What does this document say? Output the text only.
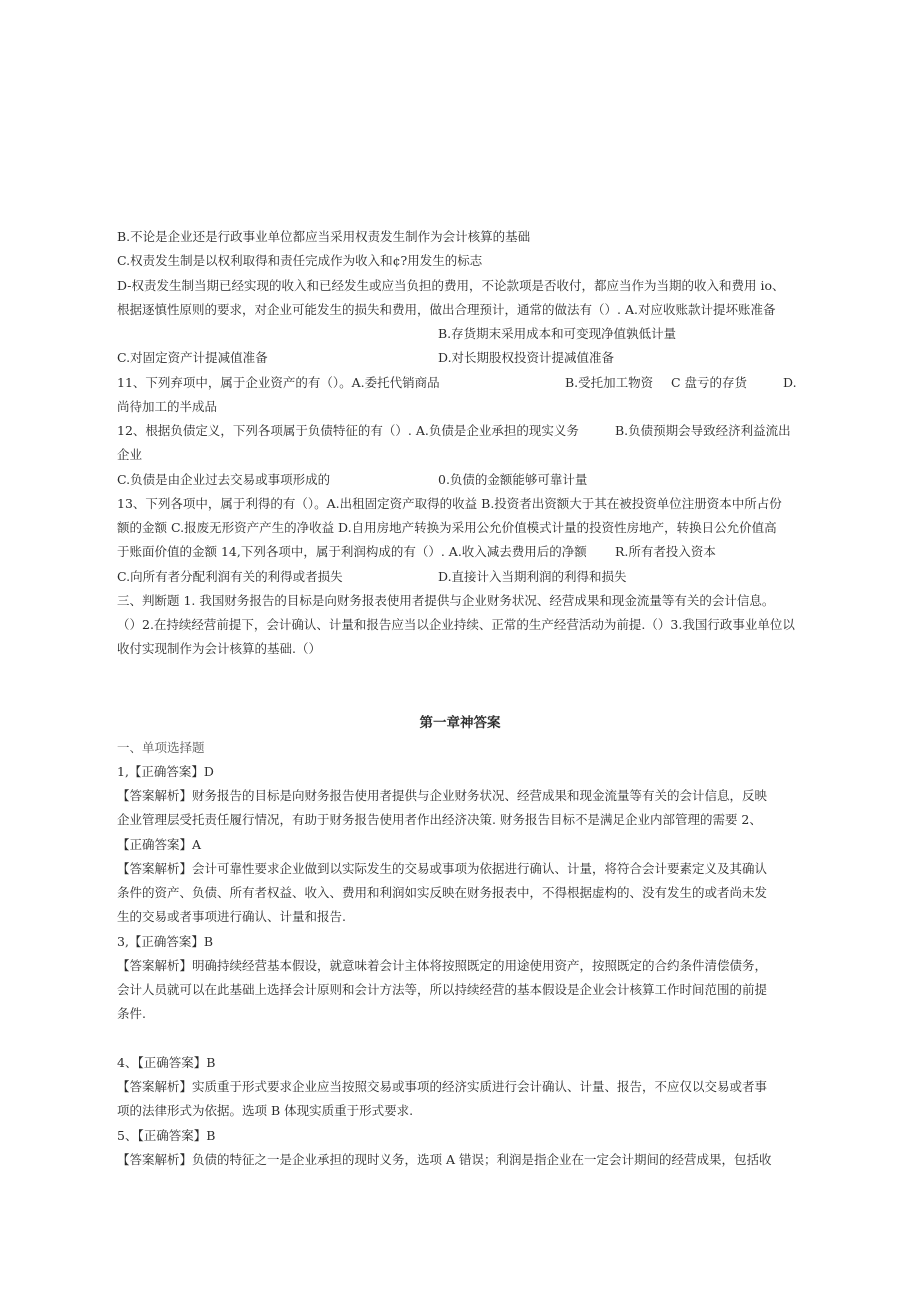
B.不论是企业还是行政事业单位都应当采用权责发生制作为会计核算的基础
C.权责发生制是以权利取得和责任完成作为收入和¢?用发生的标志
D-权责发生制当期已经实现的收入和已经发生或应当负担的费用，不论款项是否收付，都应当作为当期的收入和费用 io、
根据逐慎性原则的要求，对企业可能发生的损失和费用，做出合理预计，通常的做法有（）. A.对应收账款计提坏账准备
B.存货期末采用成本和可变现净值孰低计量
C.对固定资产计提减值准备	D.对长期股权投资计提减值准备
11、下列弃项中，属于企业资产的有（）。A.委托代销商品	B.受托加工物资 C 盘亏的存货	D.
尚待加工的半成品
12、根据负债定义，下列各项属于负债特征的有（）. A.负债是企业承担的现实义务	B.负债预期会导致经济利益流出
企业
C.负债是由企业过去交易或事项形成的	0.负债的金额能够可靠计量
13、下列各项中，属于利得的有（）。A.出租固定资产取得的收益 B.投资者出资额大于其在被投资单位注册资本中所占份
额的金额 C.报废无形资产产生的净收益 D.自用房地产转换为采用公允价值模式计量的投资性房地产，转换日公允价值高
于账面价值的金额 14,下列各项中，属于利润构成的有（）. A.收入减去费用后的净额 R.所有者投入资本
C.向所有者分配利润有关的利得或者损失	D.直接计入当期利润的利得和损失
三、判断题 1. 我国财务报告的目标是向财务报表使用者提供与企业财务状况、经营成果和现金流量等有关的会计信息。
（）2.在持续经营前提下，会计确认、计量和报告应当以企业持续、正常的生产经营活动为前提.（）3.我国行政事业单位以
收付实现制作为会计核算的基础.（）
第一章神答案
一、单项选择题
1,【正确答案】D
【答案解析】财务报告的目标是向财务报告使用者提供与企业财务状况、经营成果和现金流量等有关的会计信息，反映
企业管理层受托责任履行情况，有助于财务报告使用者作出经济决策. 财务报告目标不是满足企业内部管理的需要 2、
【正确答案】A
【答案解析】会计可靠性要求企业做到以实际发生的交易或事项为依据进行确认、计量，将符合会计要素定义及其确认
条件的资产、负债、所有者权益、收入、费用和利润如实反映在财务报表中，不得根据虚构的、没有发生的或者尚未发
生的交易或者事项进行确认、计量和报告.
3,【正确答案】B
【答案解析】明确持续经营基本假设，就意味着会计主体将按照既定的用途使用资产，按照既定的合约条件清偿债务，
会计人员就可以在此基础上选择会计原则和会计方法等，所以持续经营的基本假设是企业会计核算工作时间范围的前提
条件.
4、【正确答案】B
【答案解析】实质重于形式要求企业应当按照交易或事项的经济实质进行会计确认、计量、报告，不应仅以交易或者事
项的法律形式为依据。选项 B 体现实质重于形式要求.
5、【正确答案】B
【答案解析】负债的特征之一是企业承担的现时义务，选项 A 错误；利润是指企业在一定会计期间的经营成果，包括收
